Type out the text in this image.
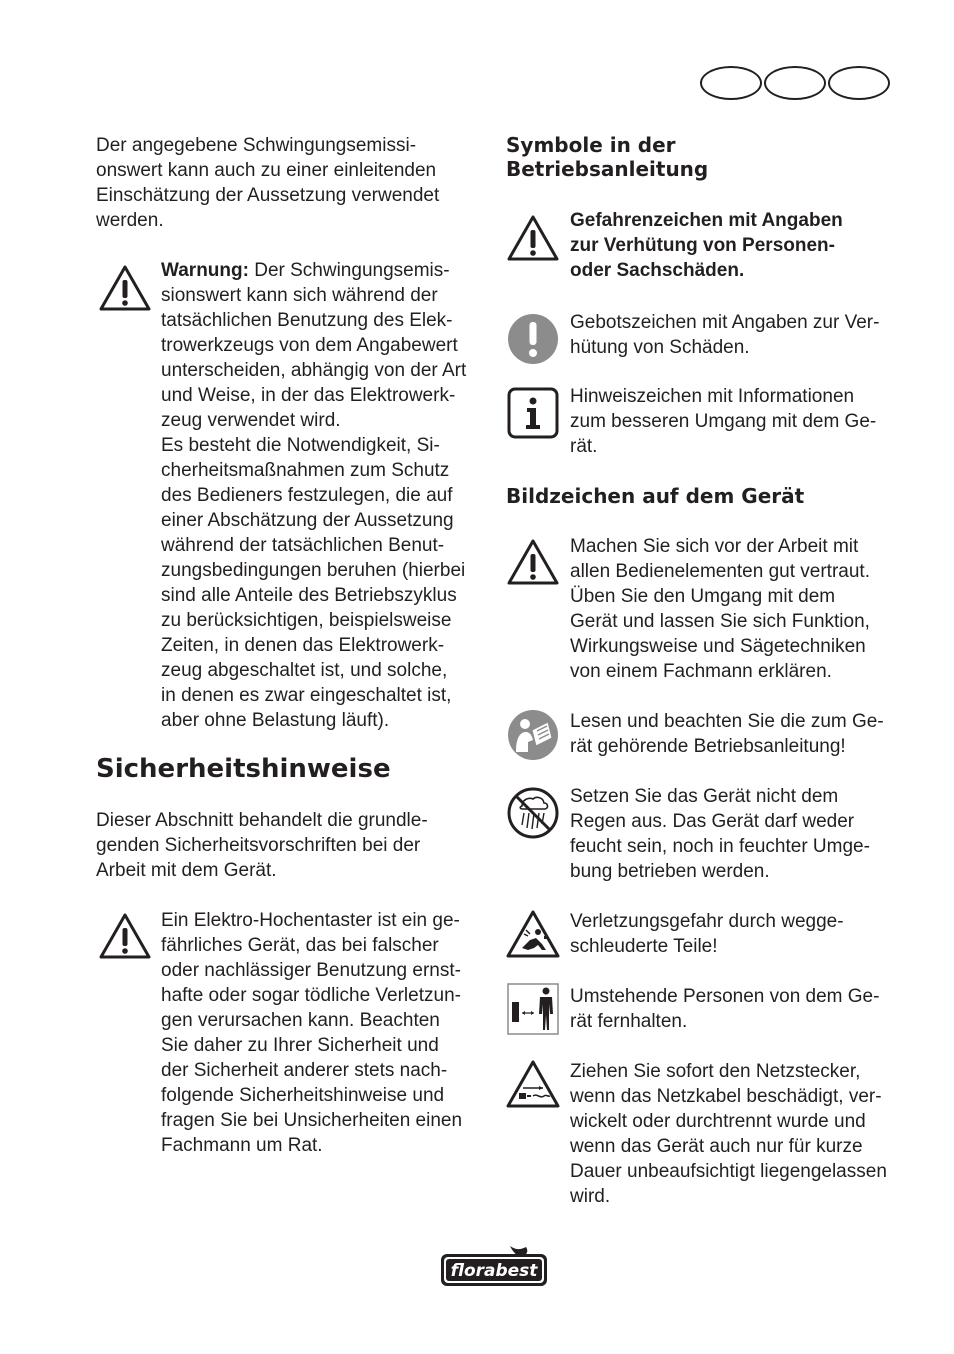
Der angegebene Schwingungsemissi-
onswert kann auch zu einer einleitenden
Einschätzung der Aussetzung verwendet
werden.

Warnung: Der Schwingungsemis-
sionswert kann sich während der
tatsächlichen Benutzung des Elek-
trowerkzeugs von dem Angabewert
unterscheiden, abhängig von der Art
und Weise, in der das Elektrowerk-
zeug verwendet wird.
Es besteht die Notwendigkeit, Si-
cherheitsmaßnahmen zum Schutz
des Bedieners festzulegen, die auf
einer Abschätzung der Aussetzung
während der tatsächlichen Benut-
zungsbedingungen beruhen (hierbei
sind alle Anteile des Betriebszyklus
zu berücksichtigen, beispielsweise
Zeiten, in denen das Elektrowerk-
zeug abgeschaltet ist, und solche,
in denen es zwar eingeschaltet ist,
aber ohne Belastung läuft).

Sicherheitshinweise

Dieser Abschnitt behandelt die grundle-
genden Sicherheitsvorschriften bei der
Arbeit mit dem Gerät.

Ein Elektro-Hochentaster ist ein ge-
fährliches Gerät, das bei falscher
oder nachlässiger Benutzung ernst-
hafte oder sogar tödliche Verletzun-
gen verursachen kann. Beachten
Sie daher zu Ihrer Sicherheit und
der Sicherheit anderer stets nach-
folgende Sicherheitshinweise und
fragen Sie bei Unsicherheiten einen
Fachmann um Rat.

Symbole in der
Betriebsanleitung

Gefahrenzeichen mit Angaben
zur Verhütung von Personen-
oder Sachschäden.

Gebotszeichen mit Angaben zur Ver-
hütung von Schäden.

Hinweiszeichen mit Informationen
zum besseren Umgang mit dem Ge-
rät.

Bildzeichen auf dem Gerät

Machen Sie sich vor der Arbeit mit
allen Bedienelementen gut vertraut.
Üben Sie den Umgang mit dem
Gerät und lassen Sie sich Funktion,
Wirkungsweise und Sägetechniken
von einem Fachmann erklären.

Lesen und beachten Sie die zum Ge-
rät gehörende Betriebsanleitung!

Setzen Sie das Gerät nicht dem
Regen aus. Das Gerät darf weder
feucht sein, noch in feuchter Umge-
bung betrieben werden.

Verletzungsgefahr durch wegge-
schleuderte Teile!

Umstehende Personen von dem Ge-
rät fernhalten.

Ziehen Sie sofort den Netzstecker,
wenn das Netzkabel beschädigt, ver-
wickelt oder durchtrennt wurde und
wenn das Gerät auch nur für kurze
Dauer unbeaufsichtigt liegengelassen
wird.

florabest
